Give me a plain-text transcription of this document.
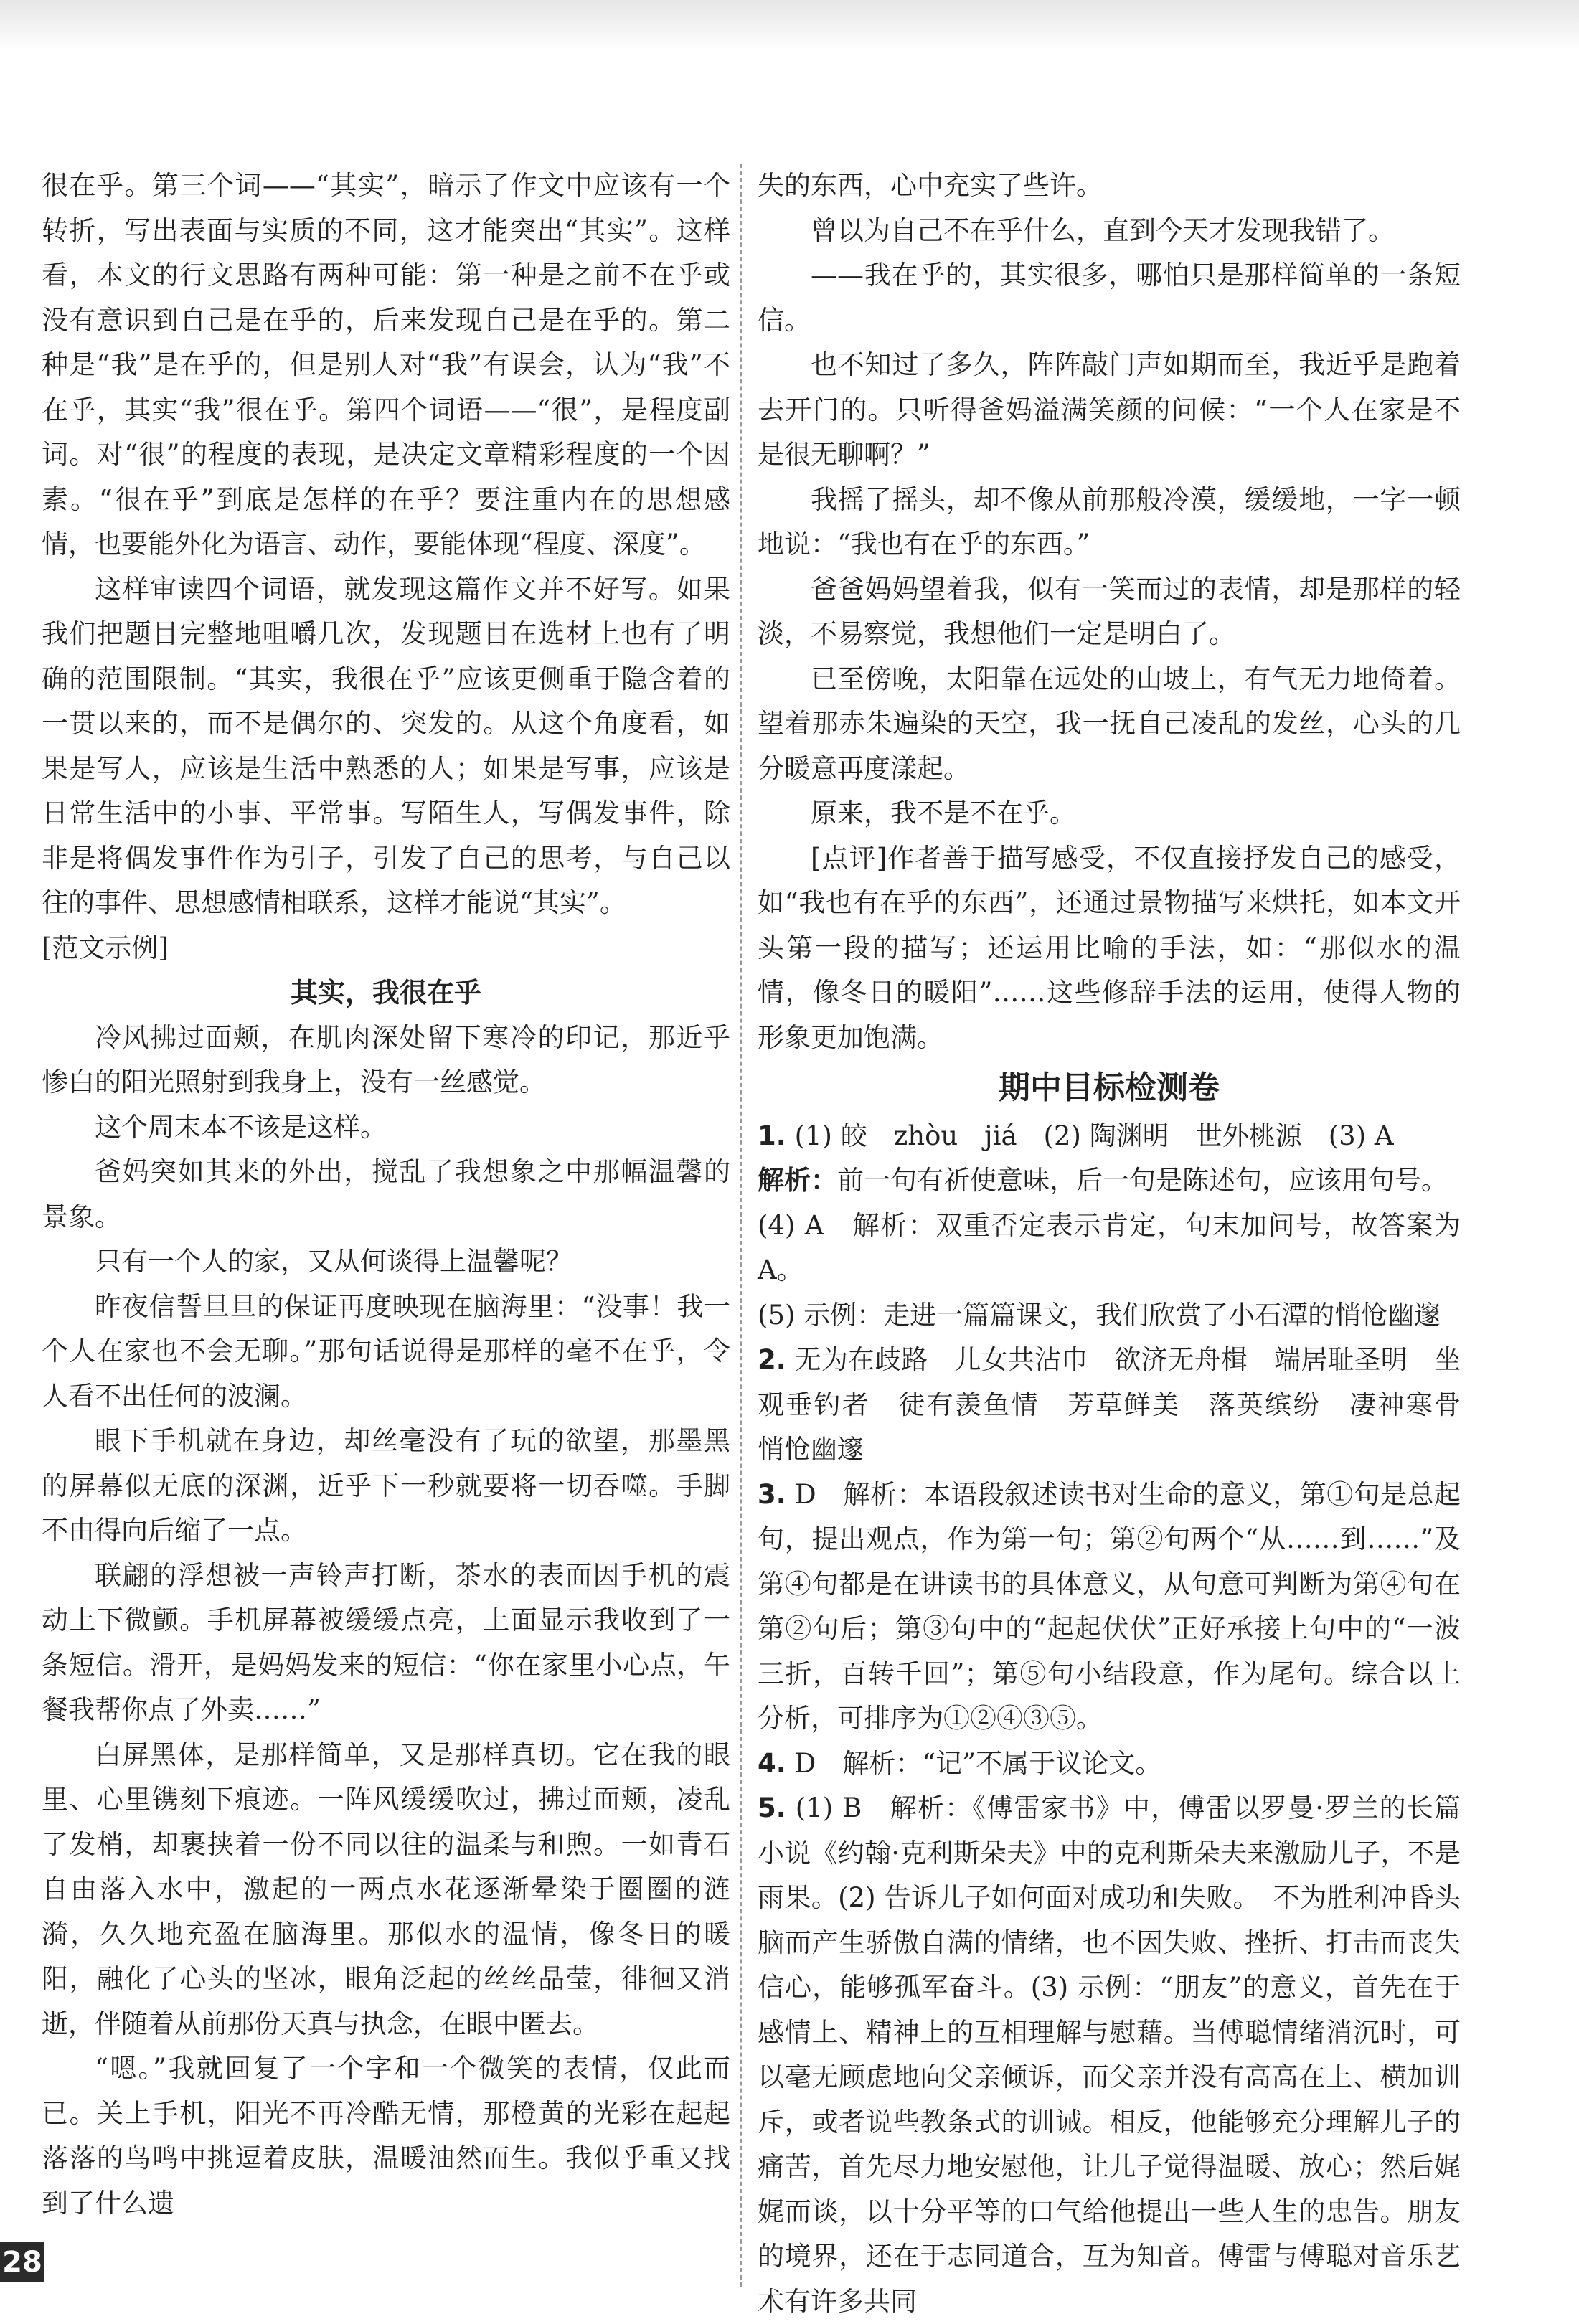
很在乎。第三个词——“其实”，暗示了作文中应该有一个转折，写出表面与实质的不同，这才能突出“其实”。这样看，本文的行文思路有两种可能：第一种是之前不在乎或没有意识到自己是在乎的，后来发现自己是在乎的。第二种是“我”是在乎的，但是别人对“我”有误会，认为“我”不在乎，其实“我”很在乎。第四个词语——“很”，是程度副词。对“很”的程度的表现，是决定文章精彩程度的一个因素。“很在乎”到底是怎样的在乎？要注重内在的思想感情，也要能外化为语言、动作，要能体现“程度、深度”。

这样审读四个词语，就发现这篇作文并不好写。如果我们把题目完整地咀嚼几次，发现题目在选材上也有了明确的范围限制。“其实，我很在乎”应该更侧重于隐含着的一贯以来的，而不是偶尔的、突发的。从这个角度看，如果是写人，应该是生活中熟悉的人；如果是写事，应该是日常生活中的小事、平常事。写陌生人，写偶发事件，除非是将偶发事件作为引子，引发了自己的思考，与自己以往的事件、思想感情相联系，这样才能说“其实”。

[范文示例]

其实，我很在乎

冷风拂过面颊，在肌肉深处留下寒冷的印记，那近乎惨白的阳光照射到我身上，没有一丝感觉。

这个周末本不该是这样。

爸妈突如其来的外出，搅乱了我想象之中那幅温馨的景象。

只有一个人的家，又从何谈得上温馨呢？

昨夜信誓旦旦的保证再度映现在脑海里：“没事！我一个人在家也不会无聊。”那句话说得是那样的毫不在乎，令人看不出任何的波澜。

眼下手机就在身边，却丝毫没有了玩的欲望，那墨黑的屏幕似无底的深渊，近乎下一秒就要将一切吞噬。手脚不由得向后缩了一点。

联翩的浮想被一声铃声打断，茶水的表面因手机的震动上下微颤。手机屏幕被缓缓点亮，上面显示我收到了一条短信。滑开，是妈妈发来的短信：“你在家里小心点，午餐我帮你点了外卖……”

白屏黑体，是那样简单，又是那样真切。它在我的眼里、心里镌刻下痕迹。一阵风缓缓吹过，拂过面颊，凌乱了发梢，却裹挟着一份不同以往的温柔与和煦。一如青石自由落入水中，激起的一两点水花逐渐晕染于圈圈的涟漪，久久地充盈在脑海里。那似水的温情，像冬日的暖阳，融化了心头的坚冰，眼角泛起的丝丝晶莹，徘徊又消逝，伴随着从前那份天真与执念，在眼中匿去。

“嗯。”我就回复了一个字和一个微笑的表情，仅此而已。关上手机，阳光不再冷酷无情，那橙黄的光彩在起起落落的鸟鸣中挑逗着皮肤，温暖油然而生。我似乎重又找到了什么遗

失的东西，心中充实了些许。

曾以为自己不在乎什么，直到今天才发现我错了。

——我在乎的，其实很多，哪怕只是那样简单的一条短信。

也不知过了多久，阵阵敲门声如期而至，我近乎是跑着去开门的。只听得爸妈溢满笑颜的问候：“一个人在家是不是很无聊啊？”

我摇了摇头，却不像从前那般冷漠，缓缓地，一字一顿地说：“我也有在乎的东西。”

爸爸妈妈望着我，似有一笑而过的表情，却是那样的轻淡，不易察觉，我想他们一定是明白了。

已至傍晚，太阳靠在远处的山坡上，有气无力地倚着。望着那赤朱遍染的天空，我一抚自己凌乱的发丝，心头的几分暖意再度漾起。

原来，我不是不在乎。

[点评]作者善于描写感受，不仅直接抒发自己的感受，如“我也有在乎的东西”，还通过景物描写来烘托，如本文开头第一段的描写；还运用比喻的手法，如：“那似水的温情，像冬日的暖阳”……这些修辞手法的运用，使得人物的形象更加饱满。

期中目标检测卷

1. (1) 皎　zhòu　jiá　(2) 陶渊明　世外桃源　(3) A

解析：前一句有祈使意味，后一句是陈述句，应该用句号。

(4) A　解析：双重否定表示肯定，句末加问号，故答案为 A。

(5) 示例：走进一篇篇课文，我们欣赏了小石潭的悄怆幽邃

2. 无为在歧路　儿女共沾巾　欲济无舟楫　端居耻圣明　坐观垂钓者　徒有羡鱼情　芳草鲜美　落英缤纷　凄神寒骨　悄怆幽邃

3. D　解析：本语段叙述读书对生命的意义，第①句是总起句，提出观点，作为第一句；第②句两个“从……到……”及第④句都是在讲读书的具体意义，从句意可判断为第④句在第②句后；第③句中的“起起伏伏”正好承接上句中的“一波三折，百转千回”；第⑤句小结段意，作为尾句。综合以上分析，可排序为①②④③⑤。

4. D　解析：“记”不属于议论文。

5. (1) B　解析：《傅雷家书》中，傅雷以罗曼·罗兰的长篇小说《约翰·克利斯朵夫》中的克利斯朵夫来激励儿子，不是雨果。(2) 告诉儿子如何面对成功和失败。　不为胜利冲昏头脑而产生骄傲自满的情绪，也不因失败、挫折、打击而丧失信心，能够孤军奋斗。(3) 示例：“朋友”的意义，首先在于感情上、精神上的互相理解与慰藉。当傅聪情绪消沉时，可以毫无顾虑地向父亲倾诉，而父亲并没有高高在上、横加训斥，或者说些教条式的训诫。相反，他能够充分理解儿子的痛苦，首先尽力地安慰他，让儿子觉得温暖、放心；然后娓娓而谈，以十分平等的口气给他提出一些人生的忠告。朋友的境界，还在于志同道合，互为知音。傅雷与傅聪对音乐艺术有许多共同

28
